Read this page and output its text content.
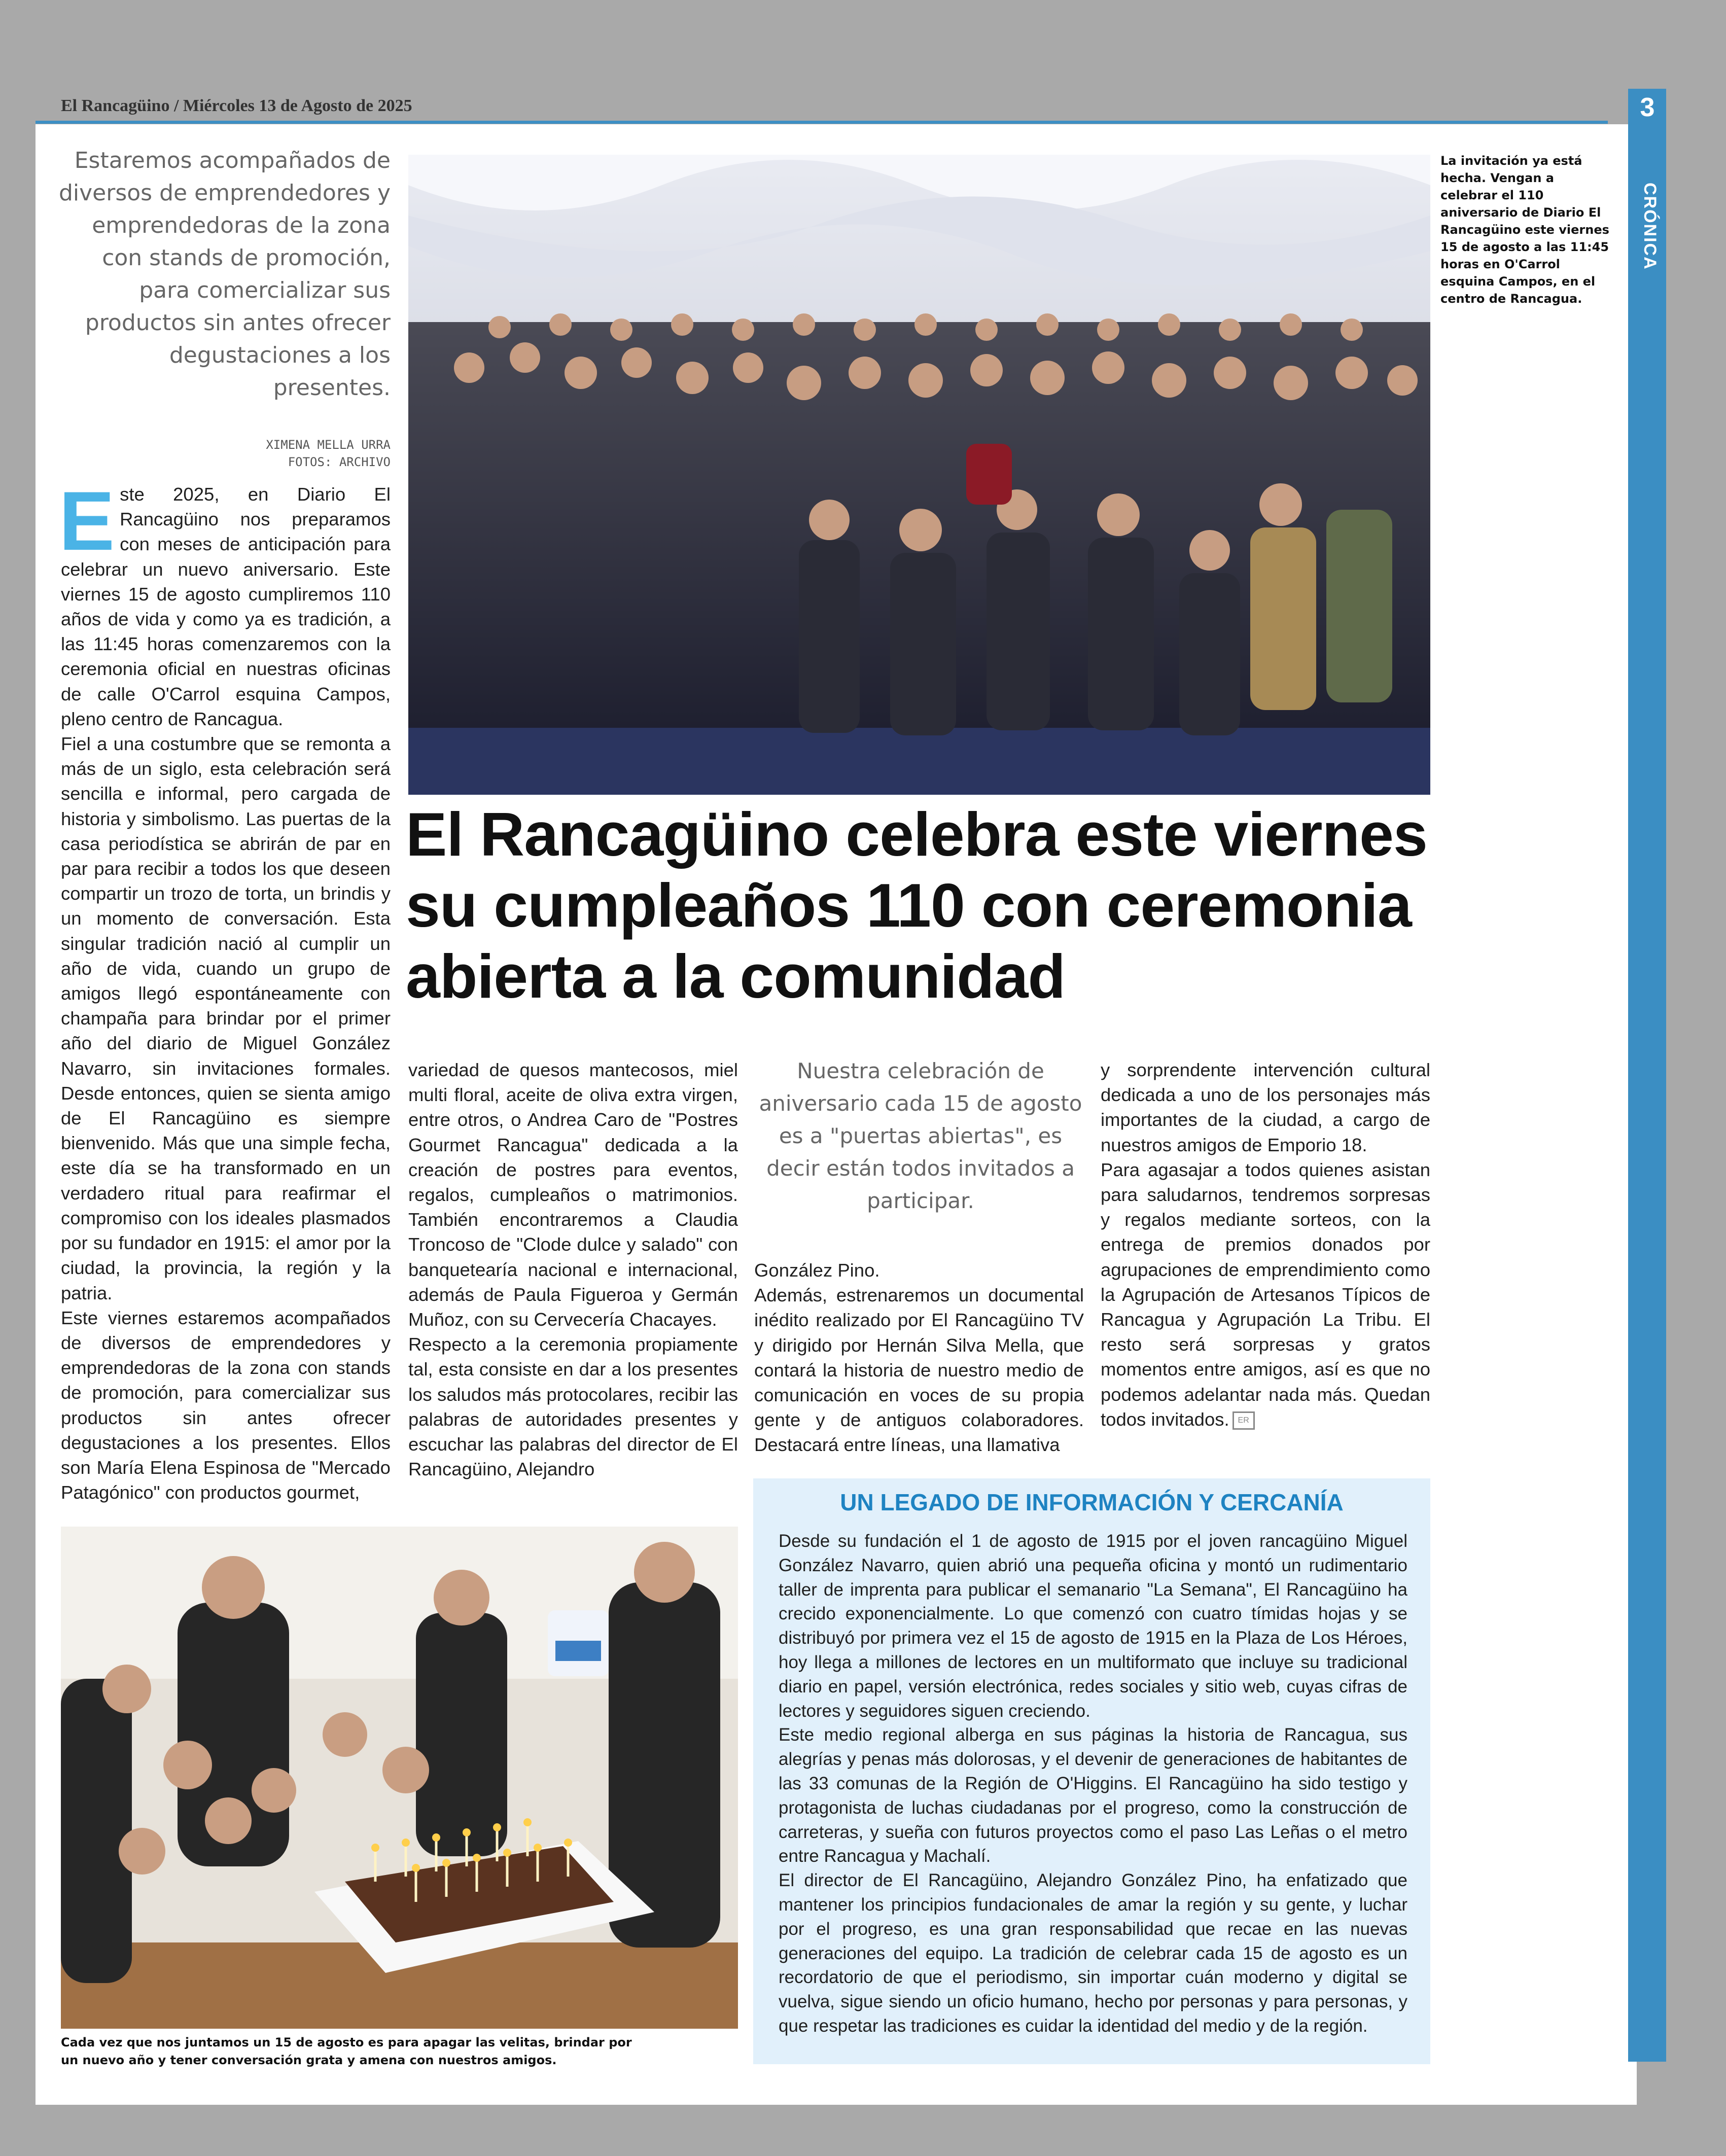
El Rancagüino / Miércoles 13 de Agosto de 2025	3
CRÓNICA
Estaremos acompañados de diversos de emprendedores y emprendedoras de la zona con stands de promoción, para comercializar sus productos sin antes ofrecer degustaciones a los presentes.
XIMENA MELLA URRA
FOTOS: ARCHIVO
La invitación ya está hecha. Vengan a celebrar el 110 aniversario de Diario El Rancagüino este viernes 15 de agosto a las 11:45 horas en O'Carrol esquina Campos, en el centro de Rancagua.
El Rancagüino celebra este viernes su cumpleaños 110 con ceremonia abierta a la comunidad

Este 2025, en Diario El Rancagüino nos preparamos con meses de anticipación para celebrar un nuevo aniversario. Este viernes 15 de agosto cumpliremos 110 años de vida y como ya es tradición, a las 11:45 horas comenzaremos con la ceremonia oficial en nuestras oficinas de calle O'Carrol esquina Campos, pleno centro de Rancagua.

Fiel a una costumbre que se remonta a más de un siglo, esta celebración será sencilla e informal, pero cargada de historia y simbolismo. Las puertas de la casa periodística se abrirán de par en par para recibir a todos los que deseen compartir un trozo de torta, un brindis y un momento de conversación. Esta singular tradición nació al cumplir un año de vida, cuando un grupo de amigos llegó espontáneamente con champaña para brindar por el primer año del diario de Miguel González Navarro, sin invitaciones formales. Desde entonces, quien se sienta amigo de El Rancagüino es siempre bienvenido. Más que una simple fecha, este día se ha transformado en un verdadero ritual para reafirmar el compromiso con los ideales plasmados por su fundador en 1915: el amor por la ciudad, la provincia, la región y la patria.

Este viernes estaremos acompañados de diversos de emprendedores y emprendedoras de la zona con stands de promoción, para comercializar sus productos sin antes ofrecer degustaciones a los presentes. Ellos son María Elena Espinosa de "Mercado Patagónico" con productos gourmet,

variedad de quesos mantecosos, miel multi floral, aceite de oliva extra virgen, entre otros, o Andrea Caro de "Postres Gourmet Rancagua" dedicada a la creación de postres para eventos, regalos, cumpleaños o matrimonios. También encontraremos a Claudia Troncoso de "Clode dulce y salado" con banquetearía nacional e internacional, además de Paula Figueroa y Germán Muñoz, con su Cervecería Chacayes.

Respecto a la ceremonia propiamente tal, esta consiste en dar a los presentes los saludos más protocolares, recibir las palabras de autoridades presentes y escuchar las palabras del director de El Rancagüino, Alejandro

Nuestra celebración de aniversario cada 15 de agosto es a "puertas abiertas", es decir están todos invitados a participar.

González Pino.

Además, estrenaremos un documental inédito realizado por El Rancagüino TV y dirigido por Hernán Silva Mella, que contará la historia de nuestro medio de comunicación en voces de su propia gente y de antiguos colaboradores. Destacará entre líneas, una llamativa

y sorprendente intervención cultural dedicada a uno de los personajes más importantes de la ciudad, a cargo de nuestros amigos de Emporio 18.

Para agasajar a todos quienes asistan para saludarnos, tendremos sorpresas y regalos mediante sorteos, con la entrega de premios donados por agrupaciones de emprendimiento como la Agrupación de Artesanos Típicos de Rancagua y Agrupación La Tribu. El resto será sorpresas y gratos momentos entre amigos, así es que no podemos adelantar nada más. Quedan todos invitados. ER

Cada vez que nos juntamos un 15 de agosto es para apagar las velitas, brindar por un nuevo año y tener conversación grata y amena con nuestros amigos.
UN LEGADO DE INFORMACIÓN Y CERCANÍA

Desde su fundación el 1 de agosto de 1915 por el joven rancagüino Miguel González Navarro, quien abrió una pequeña oficina y montó un rudimentario taller de imprenta para publicar el semanario "La Semana", El Rancagüino ha crecido exponencialmente. Lo que comenzó con cuatro tímidas hojas y se distribuyó por primera vez el 15 de agosto de 1915 en la Plaza de Los Héroes, hoy llega a millones de lectores en un multiformato que incluye su tradicional diario en papel, versión electrónica, redes sociales y sitio web, cuyas cifras de lectores y seguidores siguen creciendo.

Este medio regional alberga en sus páginas la historia de Rancagua, sus alegrías y penas más dolorosas, y el devenir de generaciones de habitantes de las 33 comunas de la Región de O'Higgins. El Rancagüino ha sido testigo y protagonista de luchas ciudadanas por el progreso, como la construcción de carreteras, y sueña con futuros proyectos como el paso Las Leñas o el metro entre Rancagua y Machalí.

El director de El Rancagüino, Alejandro González Pino, ha enfatizado que mantener los principios fundacionales de amar la región y su gente, y luchar por el progreso, es una gran responsabilidad que recae en las nuevas generaciones del equipo. La tradición de celebrar cada 15 de agosto es un recordatorio de que el periodismo, sin importar cuán moderno y digital se vuelva, sigue siendo un oficio humano, hecho por personas y para personas, y que respetar las tradiciones es cuidar la identidad del medio y de la región.
